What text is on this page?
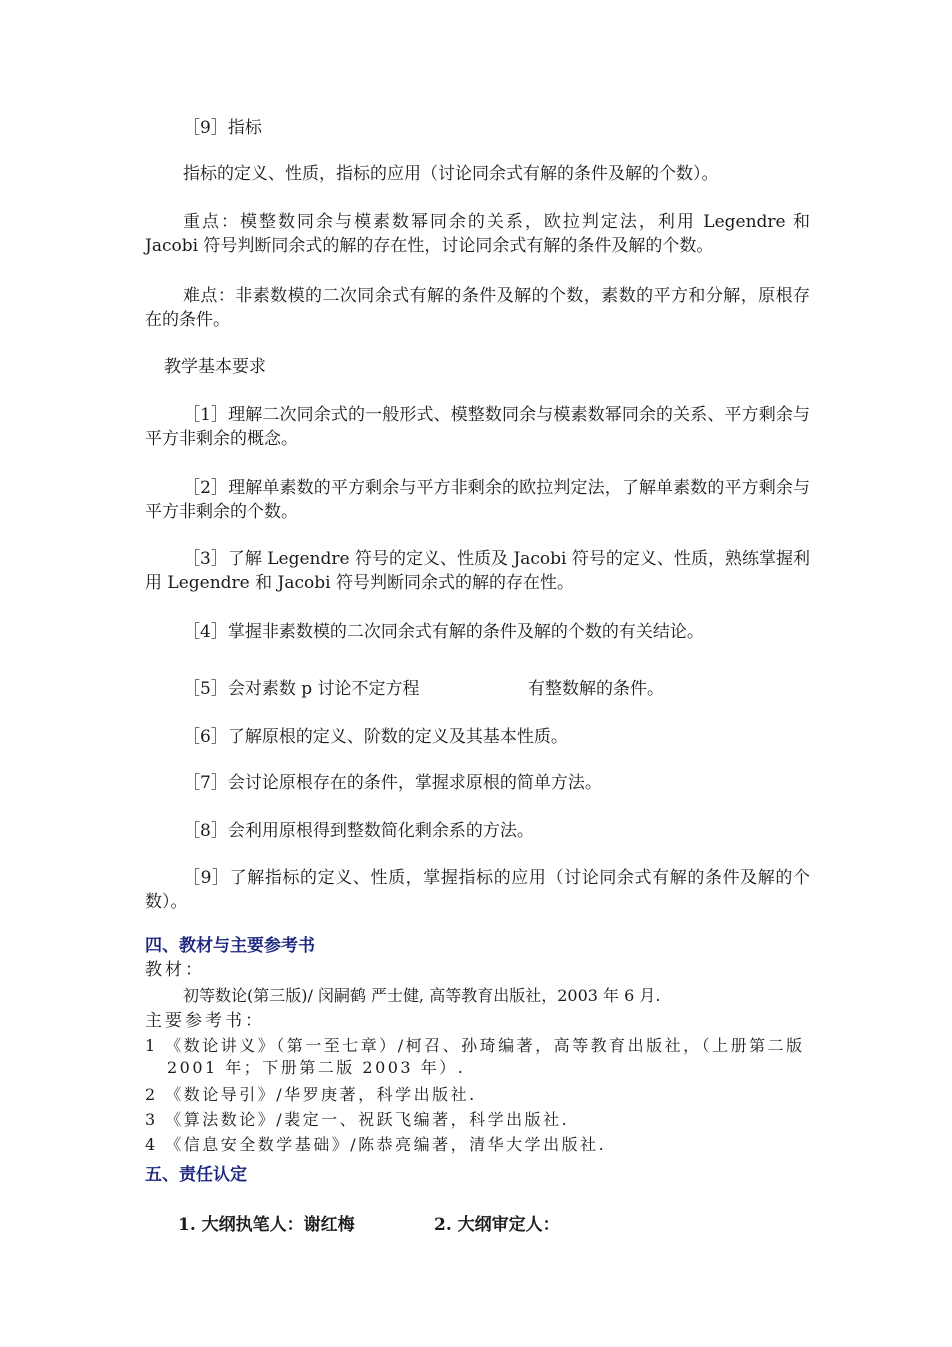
［9］指标

指标的定义、性质，指标的应用（讨论同余式有解的条件及解的个数）。

重点：模整数同余与模素数幂同余的关系，欧拉判定法，利用 Legendre 和 Jacobi 符号判断同余式的解的存在性，讨论同余式有解的条件及解的个数。

难点：非素数模的二次同余式有解的条件及解的个数，素数的平方和分解，原根存在的条件。

教学基本要求

［1］理解二次同余式的一般形式、模整数同余与模素数幂同余的关系、平方剩余与平方非剩余的概念。

［2］理解单素数的平方剩余与平方非剩余的欧拉判定法，了解单素数的平方剩余与平方非剩余的个数。

［3］了解 Legendre 符号的定义、性质及 Jacobi 符号的定义、性质，熟练掌握利用 Legendre 和 Jacobi 符号判断同余式的解的存在性。

［4］掌握非素数模的二次同余式有解的条件及解的个数的有关结论。

［5］会对素数 p 讨论不定方程	有整数解的条件。

［6］了解原根的定义、阶数的定义及其基本性质。

［7］会讨论原根存在的条件，掌握求原根的简单方法。

［8］会利用原根得到整数简化剩余系的方法。

［9］了解指标的定义、性质，掌握指标的应用（讨论同余式有解的条件及解的个数）。

四、教材与主要参考书

教材：

初等数论(第三版)/ 闵嗣鹤 严士健, 高等教育出版社，2003 年 6 月.

主要参考书：

1 《数论讲义》（第一至七章）/柯召、孙琦编著，高等教育出版社，（上册第二版 2001 年；下册第二版 2003 年）.

2 《数论导引》/华罗庚著，科学出版社.

3 《算法数论》/裴定一、祝跃飞编著，科学出版社.

4 《信息安全数学基础》/陈恭亮编著，清华大学出版社.

五、责任认定

1. 大纲执笔人：谢红梅	2. 大纲审定人：
